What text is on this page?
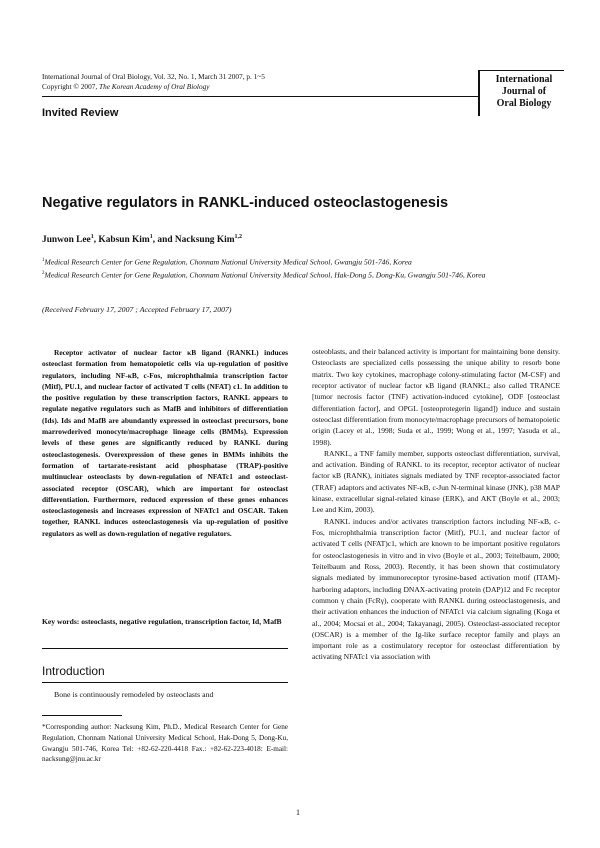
International Journal of Oral Biology, Vol. 32, No. 1, March 31 2007, p. 1~5
Copyright © 2007, The Korean Academy of Oral Biology
International
Journal of
Oral Biology
Invited Review
Negative regulators in RANKL-induced osteoclastogenesis
Junwon Lee$^1$, Kabsun Kim$^1$, and Nacksung Kim$^{1,2}$
$^1$Medical Research Center for Gene Regulation, Chonnam National University Medical School, Gwangju 501-746, Korea
$^2$Medical Research Center for Gene Regulation, Chonnam National University Medical School, Hak-Dong 5, Dong-Ku, Gwangju 501-746, Korea
(Received February 17, 2007 ; Accepted February 17, 2007)
Receptor activator of nuclear factor κB ligand (RANKL) induces osteoclast formation from hematopoietic cells via up-regulation of positive regulators, including NF-κB, c-Fos, microphthalmia transcription factor (Mitf), PU.1, and nuclear factor of activated T cells (NFAT) c1. In addition to the positive regulation by these transcription factors, RANKL appears to regulate negative regulators such as MafB and inhibitors of differentiation (Ids). Ids and MafB are abundantly expressed in osteoclast precursors, bone marrowderived monocyte/macrophage lineage cells (BMMs). Expression levels of these genes are significantly reduced by RANKL during osteoclastogenesis. Overexpression of these genes in BMMs inhibits the formation of tartarate-resistant acid phosphatase (TRAP)-positive multinuclear osteoclasts by down-regulation of NFATc1 and osteoclast-associated receptor (OSCAR), which are important for osteoclast differentiation. Furthermore, reduced expression of these genes enhances osteoclastogenesis and increases expression of NFATc1 and OSCAR. Taken together, RANKL induces osteoclastogenesis via up-regulation of positive regulators as well as down-regulation of negative regulators.
Key words: osteoclasts, negative regulation, transcription factor, Id, MafB
Introduction
Bone is continuously remodeled by osteoclasts and
*Corresponding author: Nacksung Kim, Ph.D., Medical Research Center for Gene Regulation, Chonnam National University Medical School, Hak-Dong 5, Dong-Ku, Gwangju 501-746, Korea Tel: +82-62-220-4418 Fax.: +82-62-223-4018: E-mail: nacksung@jnu.ac.kr

osteoblasts, and their balanced activity is important for maintaining bone density. Osteoclasts are specialized cells possessing the unique ability to resorb bone matrix. Two key cytokines, macrophage colony-stimulating factor (M-CSF) and receptor activator of nuclear factor κB ligand (RANKL; also called TRANCE [tumor necrosis factor (TNF) activation-induced cytokine], ODF [osteoclast differentiation factor], and OPGL [osteoprotegerin ligand]) induce and sustain osteoclast differentiation from monocyte/macrophage precursors of hematopoietic origin (Lacey et al., 1998; Suda et al., 1999; Wong et al., 1997; Yasuda et al., 1998).

RANKL, a TNF family member, supports osteoclast differentiation, survival, and activation. Binding of RANKL to its receptor, receptor activator of nuclear factor κB (RANK), initiates signals mediated by TNF receptor-associated factor (TRAF) adaptors and activates NF-κB, c-Jun N-terminal kinase (JNK), p38 MAP kinase, extracellular signal-related kinase (ERK), and AKT (Boyle et al., 2003; Lee and Kim, 2003).

RANKL induces and/or activates transcription factors including NF-κB, c-Fos, microphthalmia transcription factor (Mitf), PU.1, and nuclear factor of activated T cells (NFAT)c1, which are known to be important positive regulators for osteoclastogenesis in vitro and in vivo (Boyle et al., 2003; Teitelbaum, 2000; Teitelbaum and Ross, 2003). Recently, it has been shown that costimulatory signals mediated by immunoreceptor tyrosine-based activation motif (ITAM)-harboring adaptors, including DNAX-activating protein (DAP)12 and Fc receptor common γ chain (FcRγ), cooperate with RANKL during osteoclastogenesis, and their activation enhances the induction of NFATc1 via calcium signaling (Koga et al., 2004; Mocsai et al., 2004; Takayanagi, 2005). Osteoclast-associated receptor (OSCAR) is a member of the Ig-like surface receptor family and plays an important role as a costimulatory receptor for osteoclast differentiation by activating NFATc1 via association with

1
